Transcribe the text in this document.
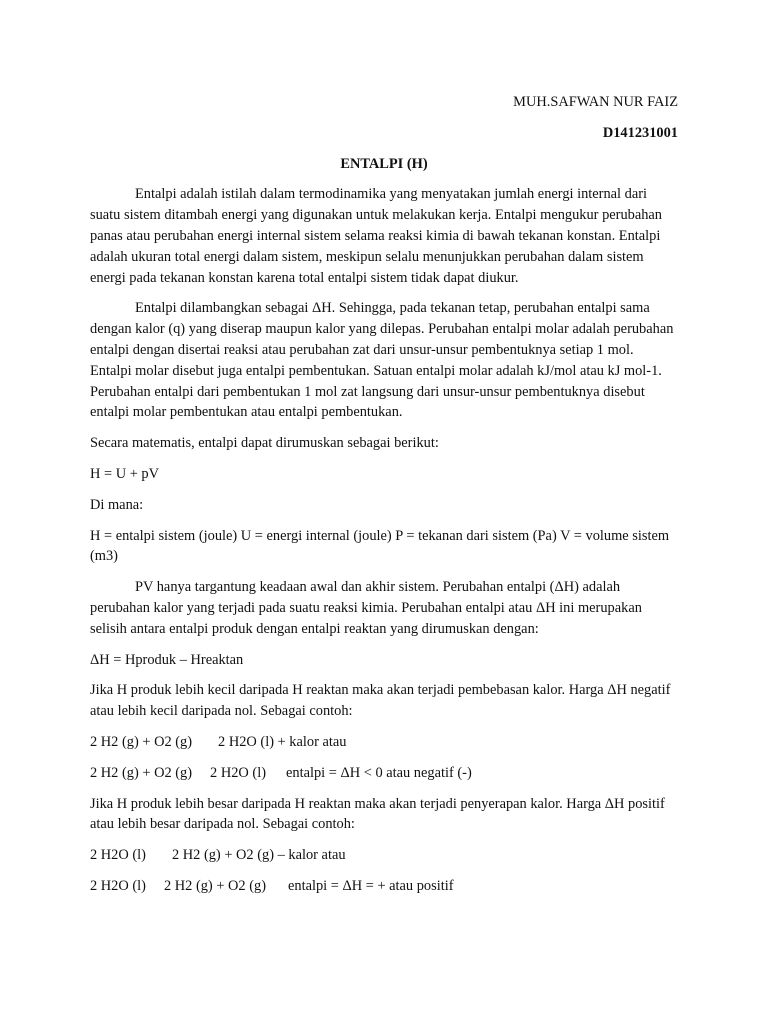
MUH.SAFWAN NUR FAIZ

D141231001

ENTALPI (H)

Entalpi adalah istilah dalam termodinamika yang menyatakan jumlah energi internal dari suatu sistem ditambah energi yang digunakan untuk melakukan kerja. Entalpi mengukur perubahan panas atau perubahan energi internal sistem selama reaksi kimia di bawah tekanan konstan. Entalpi adalah ukuran total energi dalam sistem, meskipun selalu menunjukkan perubahan dalam sistem energi pada tekanan konstan karena total entalpi sistem tidak dapat diukur.

Entalpi dilambangkan sebagai ΔH. Sehingga, pada tekanan tetap, perubahan entalpi sama dengan kalor (q) yang diserap maupun kalor yang dilepas. Perubahan entalpi molar adalah perubahan entalpi dengan disertai reaksi atau perubahan zat dari unsur-unsur pembentuknya setiap 1 mol. Entalpi molar disebut juga entalpi pembentukan. Satuan entalpi molar adalah kJ/mol atau kJ mol-1. Perubahan entalpi dari pembentukan 1 mol zat langsung dari unsur-unsur pembentuknya disebut entalpi molar pembentukan atau entalpi pembentukan.

Secara matematis, entalpi dapat dirumuskan sebagai berikut:

H = U + pV

Di mana:

H = entalpi sistem (joule) U = energi internal (joule) P = tekanan dari sistem (Pa) V = volume sistem (m3)

PV hanya targantung keadaan awal dan akhir sistem. Perubahan entalpi (ΔH) adalah perubahan kalor yang terjadi pada suatu reaksi kimia. Perubahan entalpi atau ΔH ini merupakan selisih antara entalpi produk dengan entalpi reaktan yang dirumuskan dengan:

ΔH = Hproduk – Hreaktan

Jika H produk lebih kecil daripada H reaktan maka akan terjadi pembebasan kalor. Harga ΔH negatif atau lebih kecil daripada nol. Sebagai contoh:

2 H2 (g) + O2 (g) 2 H2O (l) + kalor atau

2 H2 (g) + O2 (g) 2 H2O (l) entalpi = ΔH < 0 atau negatif (-)

Jika H produk lebih besar daripada H reaktan maka akan terjadi penyerapan kalor. Harga ΔH positif atau lebih besar daripada nol. Sebagai contoh:

2 H2O (l) 2 H2 (g) + O2 (g) – kalor atau

2 H2O (l) 2 H2 (g) + O2 (g) entalpi = ΔH = + atau positif
